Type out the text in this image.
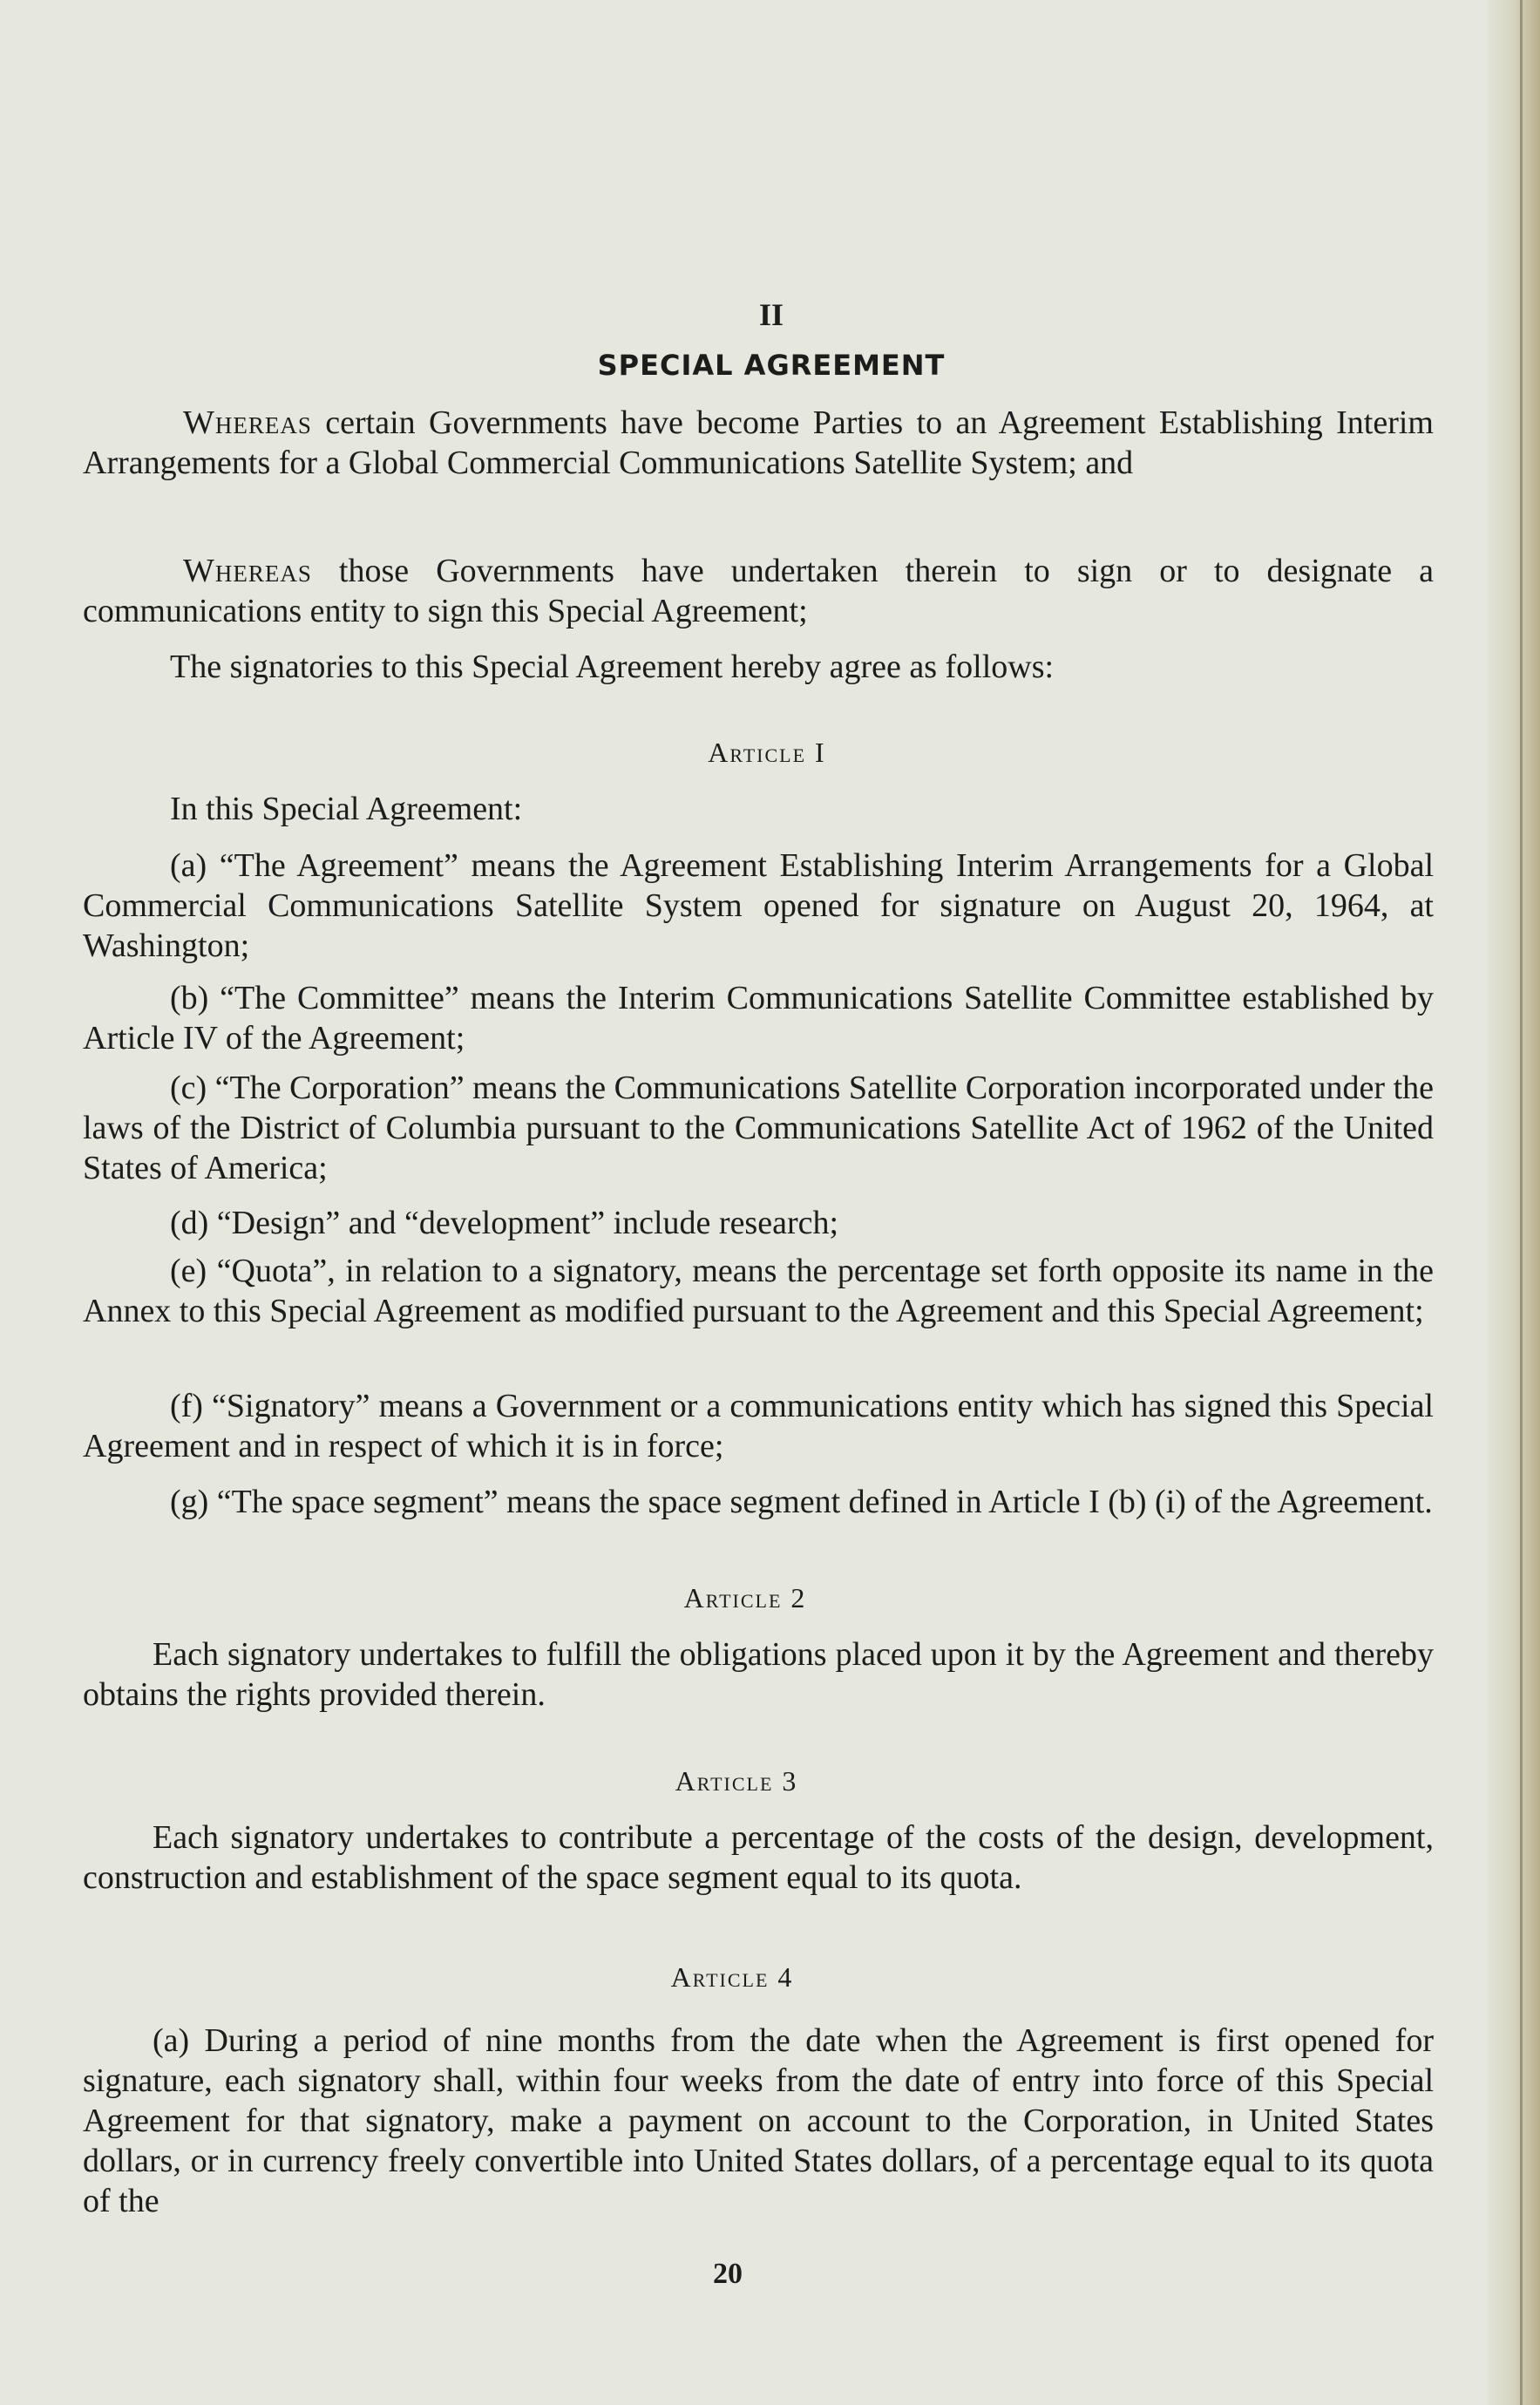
II
SPECIAL AGREEMENT
Whereas certain Governments have become Parties to an Agreement Establishing Interim Arrangements for a Global Commercial Communications Satellite System; and
Whereas those Governments have undertaken therein to sign or to designate a communications entity to sign this Special Agreement;
The signatories to this Special Agreement hereby agree as follows:
Article I
In this Special Agreement:
(a) “The Agreement” means the Agreement Establishing Interim Arrangements for a Global Commercial Communications Satellite System opened for signature on August 20, 1964, at Washington;
(b) “The Committee” means the Interim Communications Satellite Committee established by Article IV of the Agreement;
(c) “The Corporation” means the Communications Satellite Corporation incorporated under the laws of the District of Columbia pursuant to the Communications Satellite Act of 1962 of the United States of America;
(d) “Design” and “development” include research;
(e) “Quota”, in relation to a signatory, means the percentage set forth opposite its name in the Annex to this Special Agreement as modified pursuant to the Agreement and this Special Agreement;
(f) “Signatory” means a Government or a communications entity which has signed this Special Agreement and in respect of which it is in force;
(g) “The space segment” means the space segment defined in Article I (b) (i) of the Agreement.
Article 2
Each signatory undertakes to fulfill the obligations placed upon it by the Agreement and thereby obtains the rights provided therein.
Article 3
Each signatory undertakes to contribute a percentage of the costs of the design, development, construction and establishment of the space segment equal to its quota.
Article 4
(a) During a period of nine months from the date when the Agreement is first opened for signature, each signatory shall, within four weeks from the date of entry into force of this Special Agreement for that signatory, make a payment on account to the Corporation, in United States dollars, or in currency freely convertible into United States dollars, of a percentage equal to its quota of the
20
